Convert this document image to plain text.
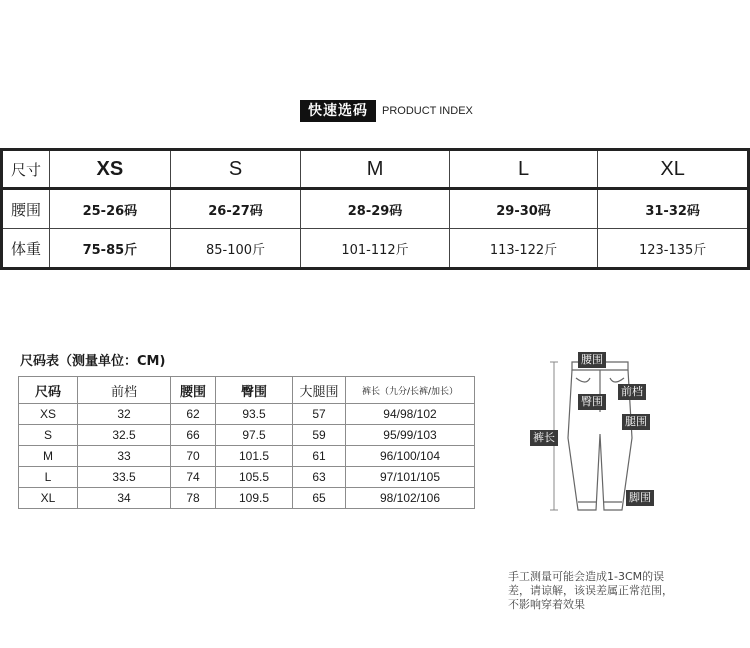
快速选码	PRODUCT INDEX
尺寸	XS	S	M	L	XL
腰围	25-26码	26-27码	28-29码	29-30码	31-32码
体重	75-85斤	85-100斤	101-112斤	113-122斤	123-135斤
尺码表（测量单位：CM)
尺码	前档	腰围	臀围	大腿围	裤长（九分/长裤/加长）
XS	32	62	93.5	57	94/98/102
S	32.5	66	97.5	59	95/99/103
M	33	70	101.5	61	96/100/104
L	33.5	74	105.5	63	97/101/105
XL	34	78	109.5	65	98/102/106
腰围
前档
臀围
腿围
裤长
脚围
手工测量可能会造成1-3CM的误差，请谅解，该误差属正常范围，不影响穿着效果
